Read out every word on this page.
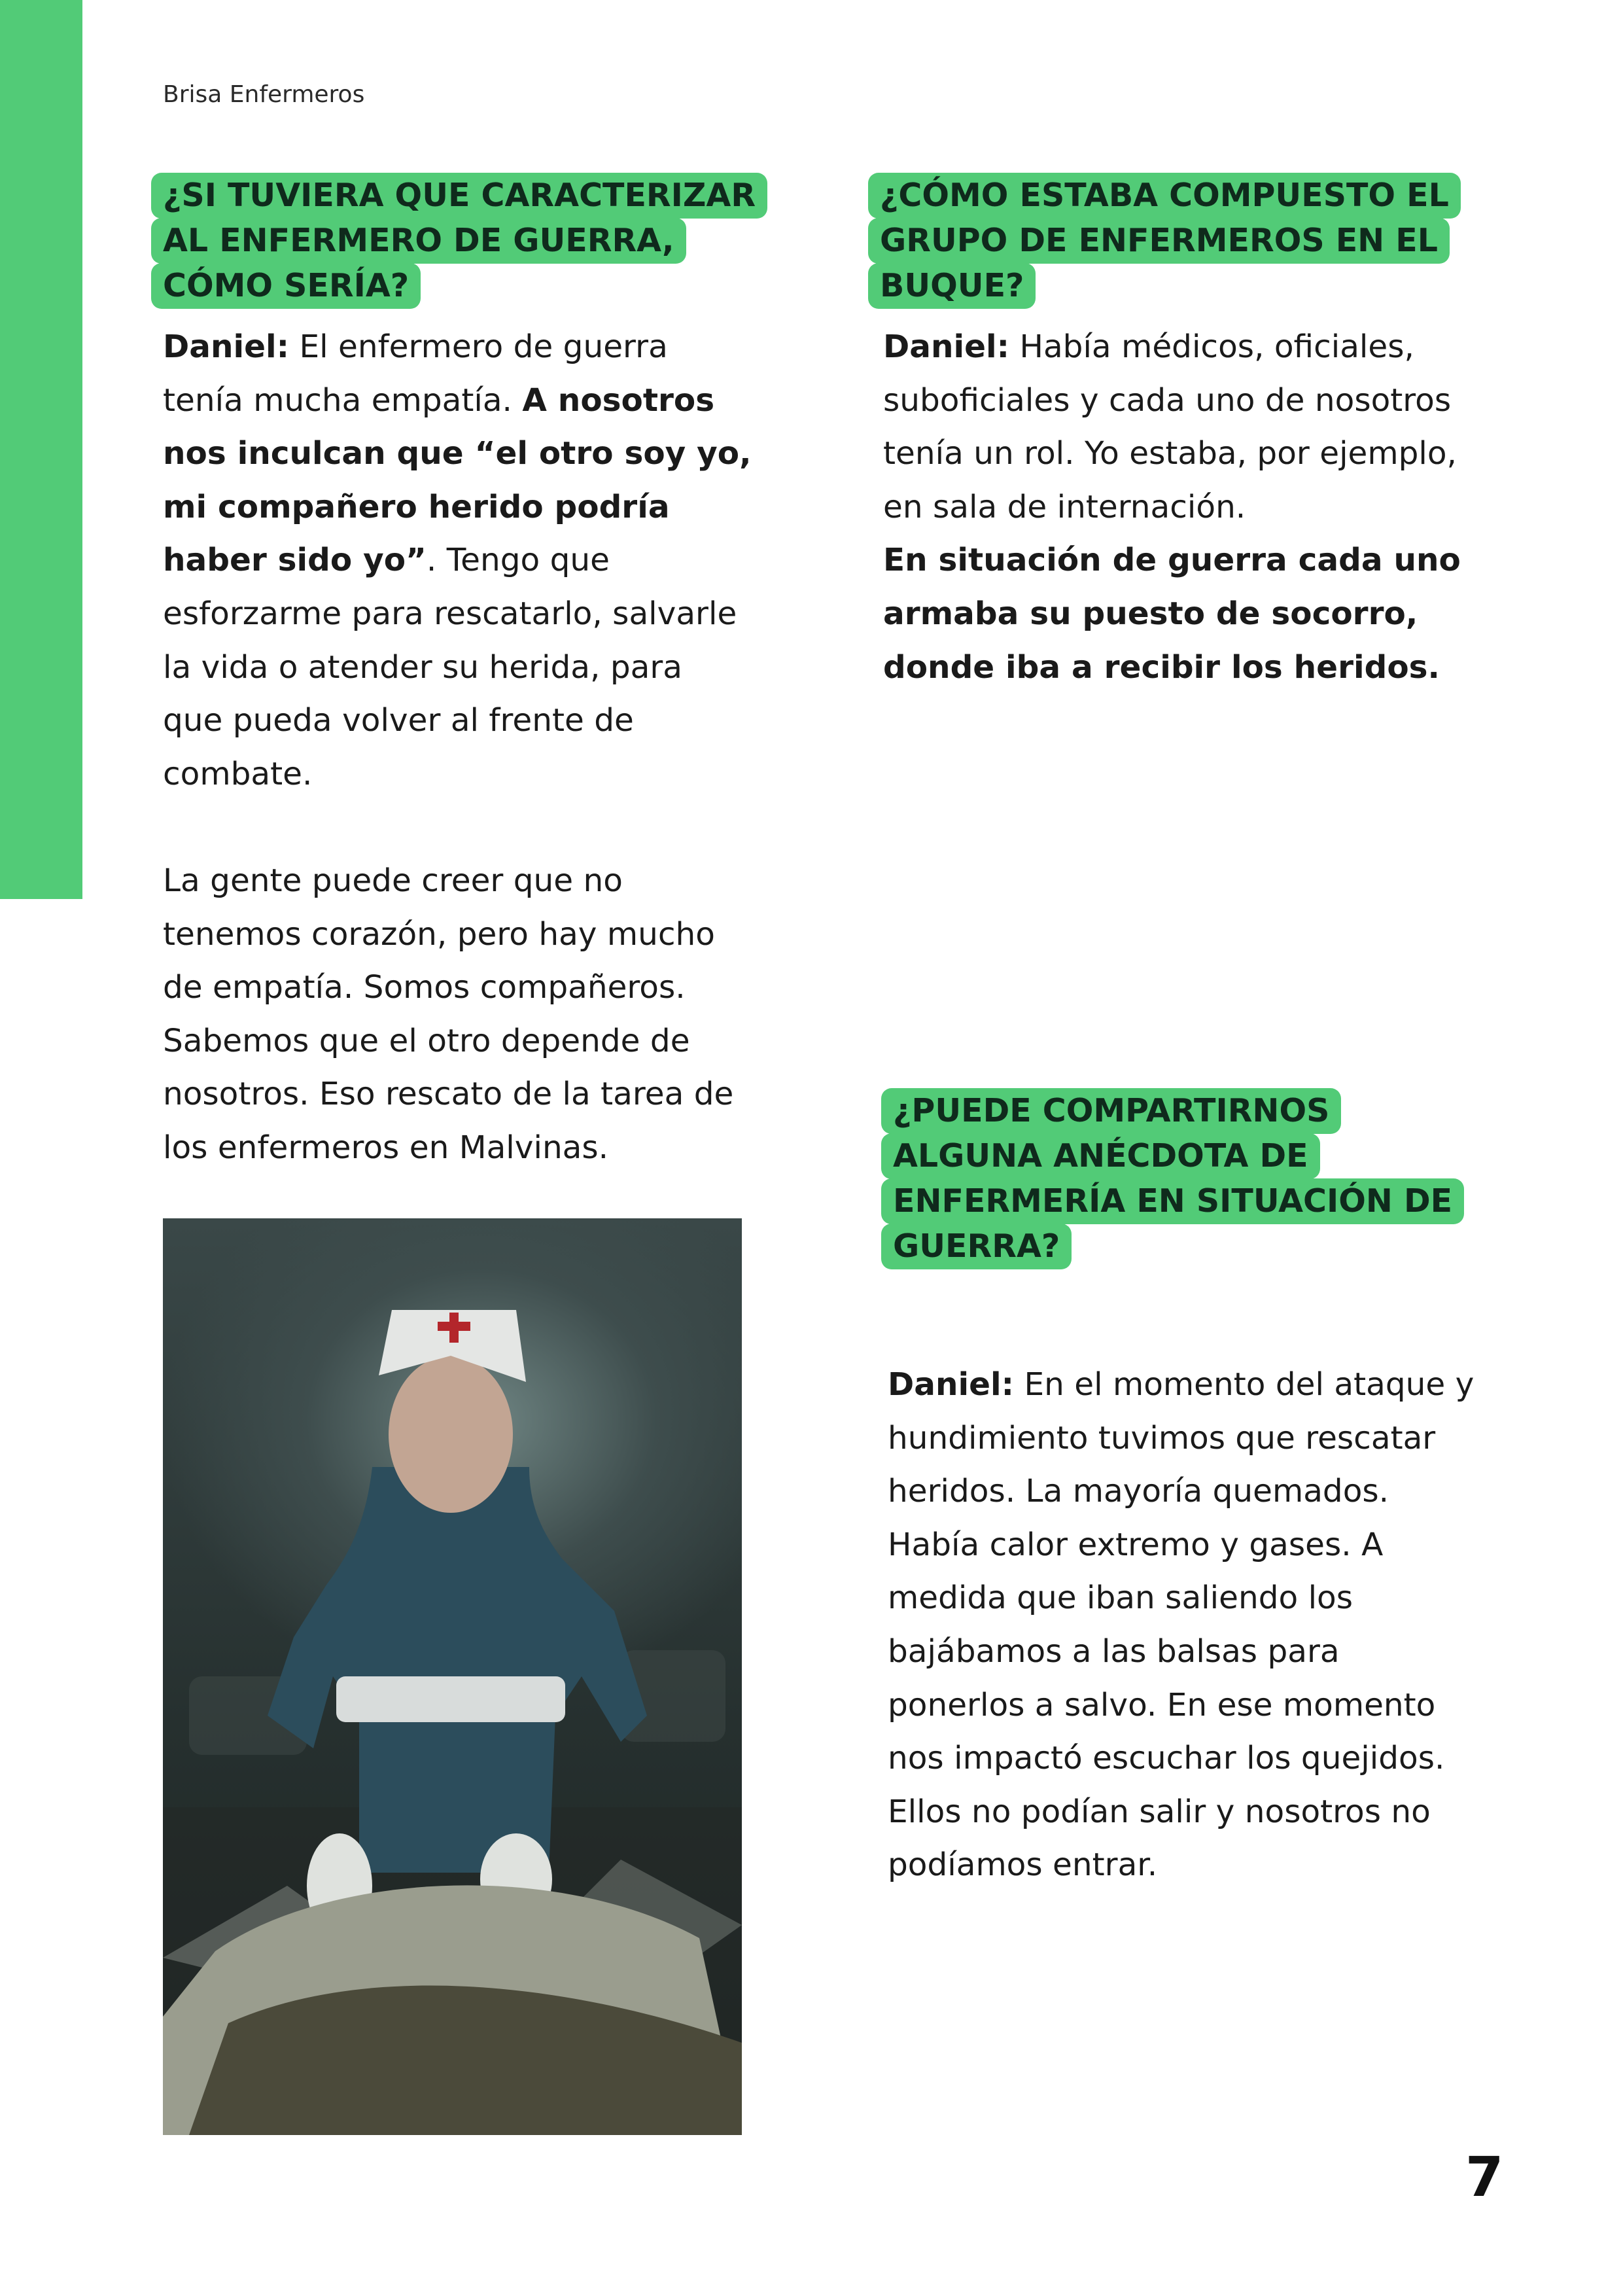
Brisa Enfermeros
¿SI TUVIERA QUE CARACTERIZAR
AL ENFERMERO DE GUERRA,
CÓMO SERÍA?

Daniel: El enfermero de guerra tenía mucha empatía. A nosotros nos inculcan que “el otro soy yo, mi compañero herido podría haber sido yo”. Tengo que esforzarme para rescatarlo, salvarle la vida o atender su herida, para que pueda volver al frente de combate.

La gente puede creer que no tenemos corazón, pero hay mucho de empatía. Somos compañeros. Sabemos que el otro depende de nosotros. Eso rescato de la tarea de los enfermeros en Malvinas.

¿CÓMO ESTABA COMPUESTO EL
GRUPO DE ENFERMEROS EN EL
BUQUE?

Daniel: Había médicos, oficiales, suboficiales y cada uno de nosotros tenía un rol. Yo estaba, por ejemplo, en sala de internación.

En situación de guerra cada uno armaba su puesto de socorro, donde iba a recibir los heridos.

¿PUEDE COMPARTIRNOS
ALGUNA ANÉCDOTA DE
ENFERMERÍA EN SITUACIÓN DE
GUERRA?

Daniel: En el momento del ataque y hundimiento tuvimos que rescatar heridos. La mayoría quemados. Había calor extremo y gases. A medida que iban saliendo los bajábamos a las balsas para ponerlos a salvo. En ese momento nos impactó escuchar los quejidos. Ellos no podían salir y nosotros no podíamos entrar.

7
